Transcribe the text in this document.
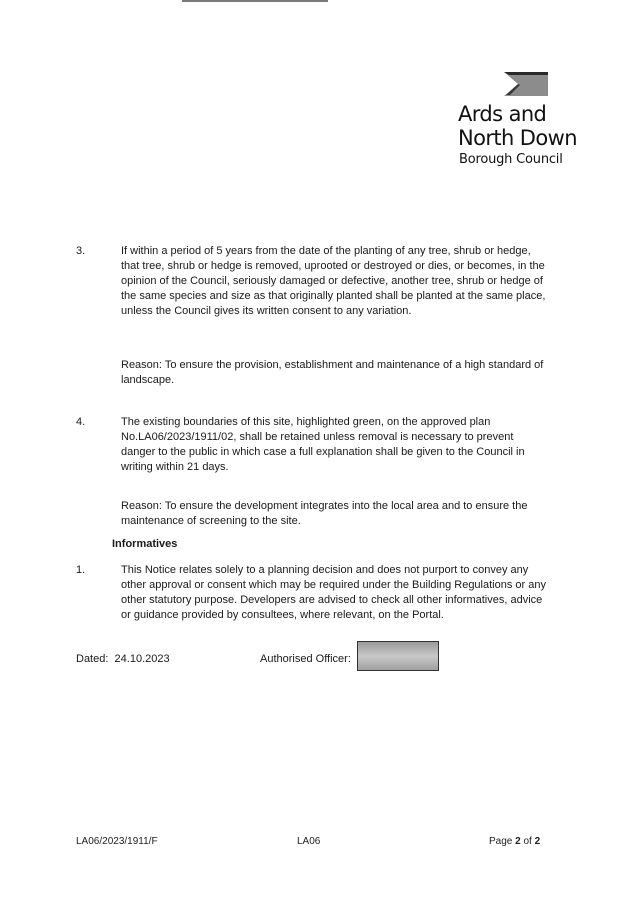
Ards and
North Down
Borough Council
3.	If within a period of 5 years from the date of the planting of any tree, shrub or hedge, that tree, shrub or hedge is removed, uprooted or destroyed or dies, or becomes, in the opinion of the Council, seriously damaged or defective, another tree, shrub or hedge of the same species and size as that originally planted shall be planted at the same place, unless the Council gives its written consent to any variation.
Reason: To ensure the provision, establishment and maintenance of a high standard of landscape.
4.	The existing boundaries of this site, highlighted green, on the approved plan No.LA06/2023/1911/02, shall be retained unless removal is necessary to prevent danger to the public in which case a full explanation shall be given to the Council in writing within 21 days.
Reason: To ensure the development integrates into the local area and to ensure the maintenance of screening to the site.
Informatives
1.	This Notice relates solely to a planning decision and does not purport to convey any other approval or consent which may be required under the Building Regulations or any other statutory purpose. Developers are advised to check all other informatives, advice or guidance provided by consultees, where relevant, on the Portal.
Dated: 24.10.2023	Authorised Officer:
LA06/2023/1911/F	LA06	Page 2 of 2
